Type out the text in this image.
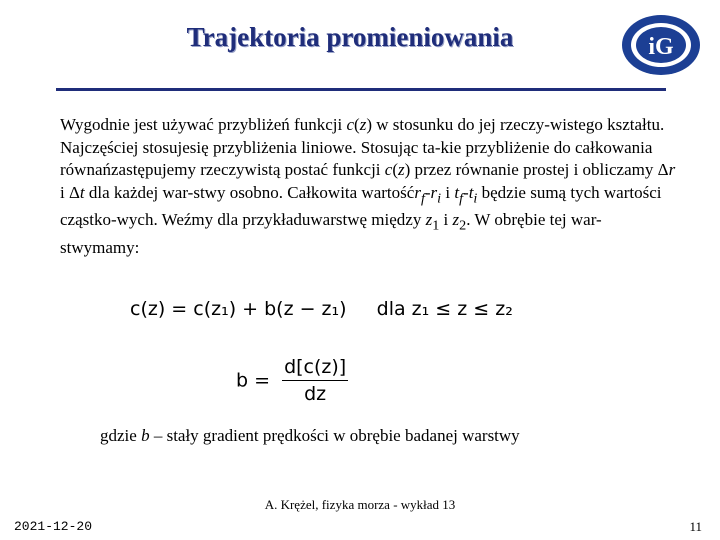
Trajektoria promieniowania	iG

Wygodnie jest używać przybliżeń funkcji c(z) w stosunku do jej rzeczy-wistego kształtu. Najczęściej stosujesię przybliżenia liniowe. Stosując ta-kie przybliżenie do całkowania równańzastępujemy rzeczywistą postać funkcji c(z) przez równanie prostej i obliczamy Δr i Δt dla każdej war-stwy osobno. Całkowita $wartośćr_f-r_i$ i $t_f-t_i$ będzie sumą tych wartości cząstko-wych. Weźmy dla przykładuwarstwę między $z_1$ i $z_2$. W obrębie tej war-stwymamy:

c(z) = c(z₁) + b(z − z₁) dla z₁ ≤ z ≤ z₂
$b = \frac{d[c(z)]}{dz}$
gdzie b – stały gradient prędkości w obrębie badanej warstwy
A. Krężel, fizyka morza - wykład 13
2021-12-20	11
